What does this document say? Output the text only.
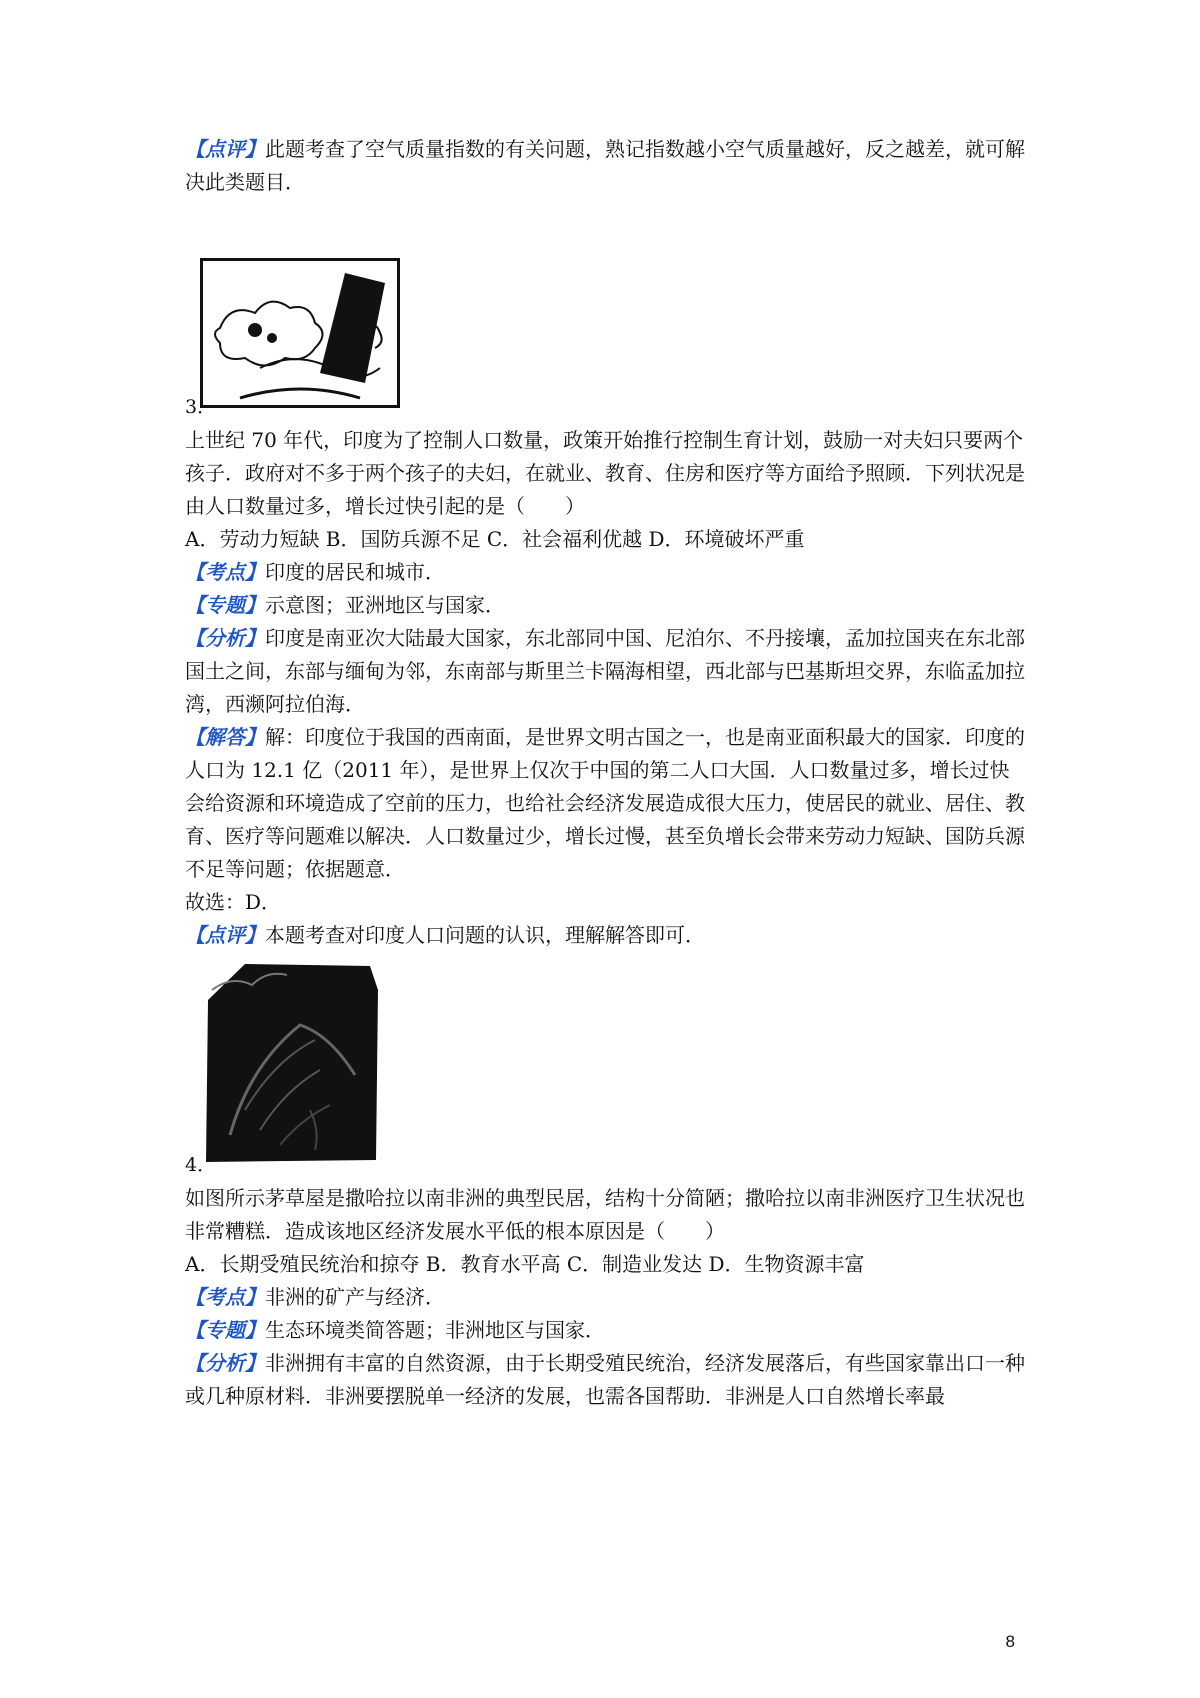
【点评】此题考查了空气质量指数的有关问题，熟记指数越小空气质量越好，反之越差，就可解决此类题目．
3．
上世纪 70 年代，印度为了控制人口数量，政策开始推行控制生育计划，鼓励一对夫妇只要两个孩子．政府对不多于两个孩子的夫妇，在就业、教育、住房和医疗等方面给予照顾．下列状况是由人口数量过多，增长过快引起的是（　　）
A．劳动力短缺 B．国防兵源不足 C．社会福利优越 D．环境破坏严重
【考点】印度的居民和城市．
【专题】示意图；亚洲地区与国家．
【分析】印度是南亚次大陆最大国家，东北部同中国、尼泊尔、不丹接壤，孟加拉国夹在东北部国土之间，东部与缅甸为邻，东南部与斯里兰卡隔海相望，西北部与巴基斯坦交界，东临孟加拉湾，西濒阿拉伯海．
【解答】解：印度位于我国的西南面，是世界文明古国之一，也是南亚面积最大的国家．印度的人口为 12.1 亿（2011 年），是世界上仅次于中国的第二人口大国．人口数量过多，增长过快会给资源和环境造成了空前的压力，也给社会经济发展造成很大压力，使居民的就业、居住、教育、医疗等问题难以解决．人口数量过少，增长过慢，甚至负增长会带来劳动力短缺、国防兵源不足等问题；依据题意．
故选：D．
【点评】本题考查对印度人口问题的认识，理解解答即可．
4．
如图所示茅草屋是撒哈拉以南非洲的典型民居，结构十分简陋；撒哈拉以南非洲医疗卫生状况也非常糟糕．造成该地区经济发展水平低的根本原因是（　　）
A．长期受殖民统治和掠夺 B．教育水平高 C．制造业发达 D．生物资源丰富
【考点】非洲的矿产与经济．
【专题】生态环境类简答题；非洲地区与国家．
【分析】非洲拥有丰富的自然资源，由于长期受殖民统治，经济发展落后，有些国家靠出口一种或几种原材料．非洲要摆脱单一经济的发展，也需各国帮助．非洲是人口自然增长率最
8
